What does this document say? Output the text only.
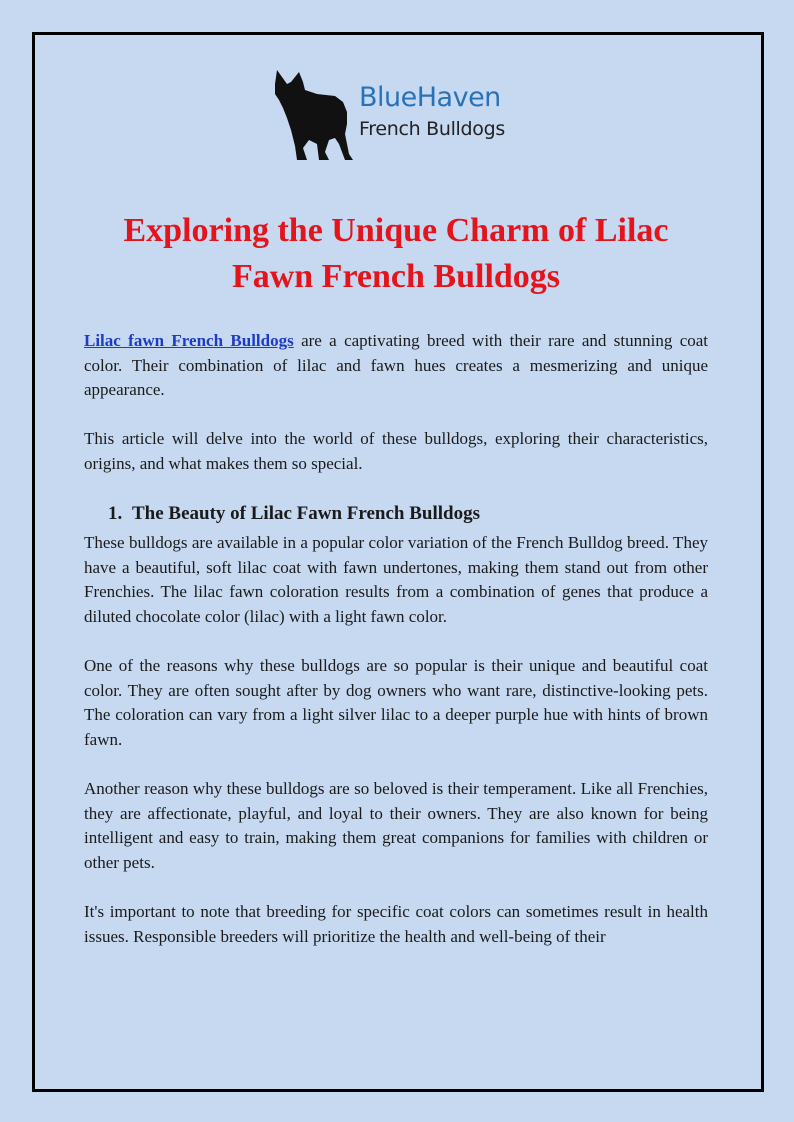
BlueHaven
French Bulldogs
Exploring the Unique Charm of Lilac Fawn French Bulldogs

Lilac fawn French Bulldogs are a captivating breed with their rare and stunning coat color. Their combination of lilac and fawn hues creates a mesmerizing and unique appearance.

This article will delve into the world of these bulldogs, exploring their characteristics, origins, and what makes them so special.

1. The Beauty of Lilac Fawn French Bulldogs

These bulldogs are available in a popular color variation of the French Bulldog breed. They have a beautiful, soft lilac coat with fawn undertones, making them stand out from other Frenchies. The lilac fawn coloration results from a combination of genes that produce a diluted chocolate color (lilac) with a light fawn color.

One of the reasons why these bulldogs are so popular is their unique and beautiful coat color. They are often sought after by dog owners who want rare, distinctive-looking pets. The coloration can vary from a light silver lilac to a deeper purple hue with hints of brown fawn.

Another reason why these bulldogs are so beloved is their temperament. Like all Frenchies, they are affectionate, playful, and loyal to their owners. They are also known for being intelligent and easy to train, making them great companions for families with children or other pets.

It's important to note that breeding for specific coat colors can sometimes result in health issues. Responsible breeders will prioritize the health and well-being of their
